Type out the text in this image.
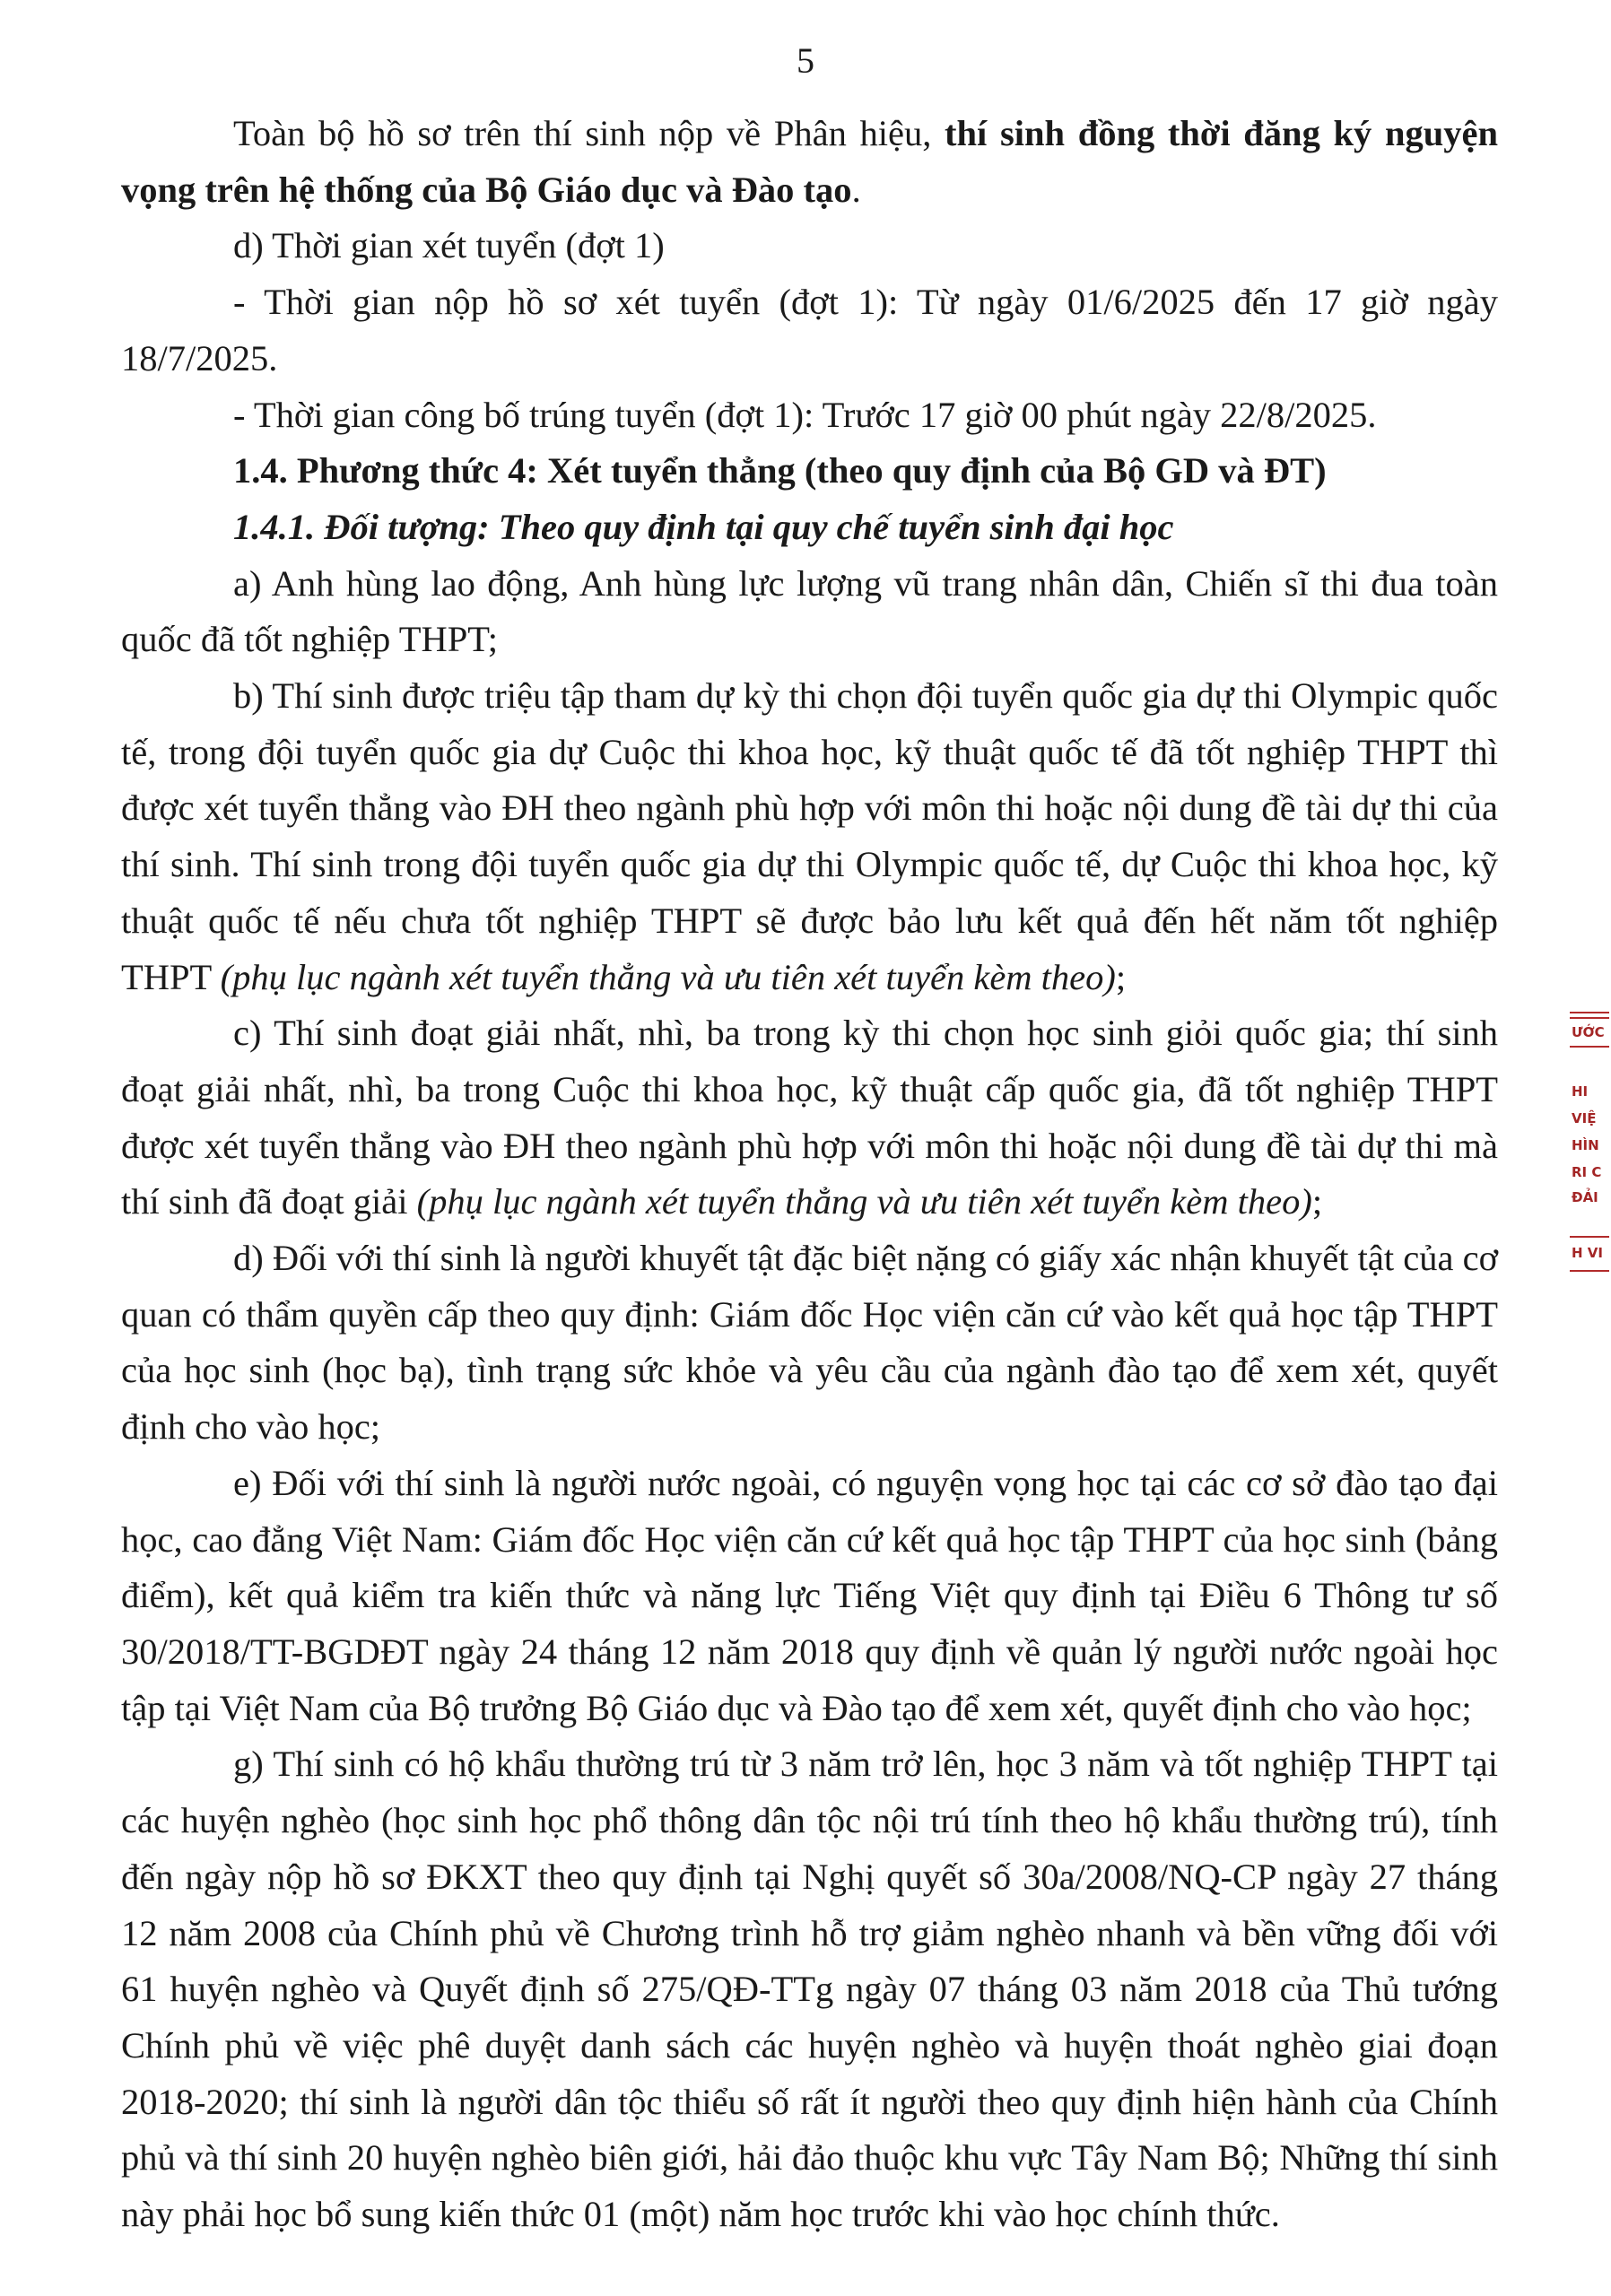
5

Toàn bộ hồ sơ trên thí sinh nộp về Phân hiệu, thí sinh đồng thời đăng ký nguyện vọng trên hệ thống của Bộ Giáo dục và Đào tạo.

d) Thời gian xét tuyển (đợt 1)

- Thời gian nộp hồ sơ xét tuyển (đợt 1): Từ ngày 01/6/2025 đến 17 giờ ngày 18/7/2025.

- Thời gian công bố trúng tuyển (đợt 1): Trước 17 giờ 00 phút ngày 22/8/2025.

1.4. Phương thức 4: Xét tuyển thẳng (theo quy định của Bộ GD và ĐT)

1.4.1. Đối tượng: Theo quy định tại quy chế tuyển sinh đại học

a) Anh hùng lao động, Anh hùng lực lượng vũ trang nhân dân, Chiến sĩ thi đua toàn quốc đã tốt nghiệp THPT;

b) Thí sinh được triệu tập tham dự kỳ thi chọn đội tuyển quốc gia dự thi Olympic quốc tế, trong đội tuyển quốc gia dự Cuộc thi khoa học, kỹ thuật quốc tế đã tốt nghiệp THPT thì được xét tuyển thẳng vào ĐH theo ngành phù hợp với môn thi hoặc nội dung đề tài dự thi của thí sinh. Thí sinh trong đội tuyển quốc gia dự thi Olympic quốc tế, dự Cuộc thi khoa học, kỹ thuật quốc tế nếu chưa tốt nghiệp THPT sẽ được bảo lưu kết quả đến hết năm tốt nghiệp THPT (phụ lục ngành xét tuyển thẳng và ưu tiên xét tuyển kèm theo);

c) Thí sinh đoạt giải nhất, nhì, ba trong kỳ thi chọn học sinh giỏi quốc gia; thí sinh đoạt giải nhất, nhì, ba trong Cuộc thi khoa học, kỹ thuật cấp quốc gia, đã tốt nghiệp THPT được xét tuyển thẳng vào ĐH theo ngành phù hợp với môn thi hoặc nội dung đề tài dự thi mà thí sinh đã đoạt giải (phụ lục ngành xét tuyển thẳng và ưu tiên xét tuyển kèm theo);

d) Đối với thí sinh là người khuyết tật đặc biệt nặng có giấy xác nhận khuyết tật của cơ quan có thẩm quyền cấp theo quy định: Giám đốc Học viện căn cứ vào kết quả học tập THPT của học sinh (học bạ), tình trạng sức khỏe và yêu cầu của ngành đào tạo để xem xét, quyết định cho vào học;

e) Đối với thí sinh là người nước ngoài, có nguyện vọng học tại các cơ sở đào tạo đại học, cao đẳng Việt Nam: Giám đốc Học viện căn cứ kết quả học tập THPT của học sinh (bảng điểm), kết quả kiểm tra kiến thức và năng lực Tiếng Việt quy định tại Điều 6 Thông tư số 30/2018/TT-BGDĐT ngày 24 tháng 12 năm 2018 quy định về quản lý người nước ngoài học tập tại Việt Nam của Bộ trưởng Bộ Giáo dục và Đào tạo để xem xét, quyết định cho vào học;

g) Thí sinh có hộ khẩu thường trú từ 3 năm trở lên, học 3 năm và tốt nghiệp THPT tại các huyện nghèo (học sinh học phổ thông dân tộc nội trú tính theo hộ khẩu thường trú), tính đến ngày nộp hồ sơ ĐKXT theo quy định tại Nghị quyết số 30a/2008/NQ-CP ngày 27 tháng 12 năm 2008 của Chính phủ về Chương trình hỗ trợ giảm nghèo nhanh và bền vững đối với 61 huyện nghèo và Quyết định số 275/QĐ-TTg ngày 07 tháng 03 năm 2018 của Thủ tướng Chính phủ về việc phê duyệt danh sách các huyện nghèo và huyện thoát nghèo giai đoạn 2018-2020; thí sinh là người dân tộc thiểu số rất ít người theo quy định hiện hành của Chính phủ và thí sinh 20 huyện nghèo biên giới, hải đảo thuộc khu vực Tây Nam Bộ; Những thí sinh này phải học bổ sung kiến thức 01 (một) năm học trước khi vào học chính thức.

ƯỚC
HI
VIỆ
HÌN
RI C
ĐẢI
H VI
